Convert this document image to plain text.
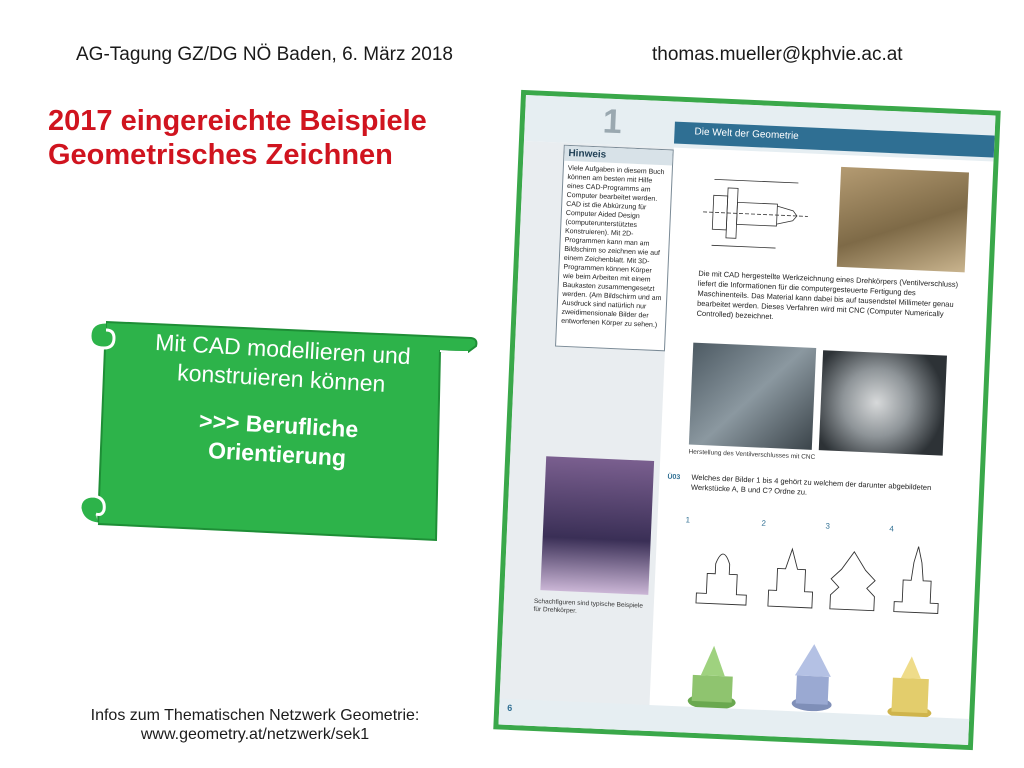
AG-Tagung GZ/DG NÖ Baden, 6. März 2018	thomas.mueller@kphvie.ac.at
2017 eingereichte Beispiele
Geometrisches Zeichnen
Mit CAD modellieren und
konstruieren können
>>> Berufliche
Orientierung
1	Die Welt der Geometrie
Hinweis
Viele Aufgaben in diesem Buch können am besten mit Hilfe eines CAD-Programms am Computer bearbeitet werden. CAD ist die Abkürzung für Computer Aided Design (computerunterstütztes Konstruieren). Mit 2D-Programmen kann man am Bildschirm so zeichnen wie auf einem Zeichenblatt. Mit 3D-Programmen können Körper wie beim Arbeiten mit einem Baukasten zusammengesetzt werden. (Am Bildschirm und am Ausdruck sind natürlich nur zweidimensionale Bilder der entworfenen Körper zu sehen.)
Die mit CAD hergestellte Werkzeichnung eines Drehkörpers (Ventilverschluss) liefert die Informationen für die computergesteuerte Fertigung des Maschinenteils. Das Material kann dabei bis auf tausendstel Millimeter genau bearbeitet werden. Dieses Verfahren wird mit CNC (Computer Numerically Controlled) bezeichnet.
Herstellung des Ventilverschlusses mit CNC
Schachfiguren sind typische Beispiele für Drehkörper.
Ü03 Welches der Bilder 1 bis 4 gehört zu welchem der darunter abgebildeten Werkstücke A, B und C? Ordne zu.
1	2	3	4
6
Infos zum Thematischen Netzwerk Geometrie:
www.geometry.at/netzwerk/sek1
